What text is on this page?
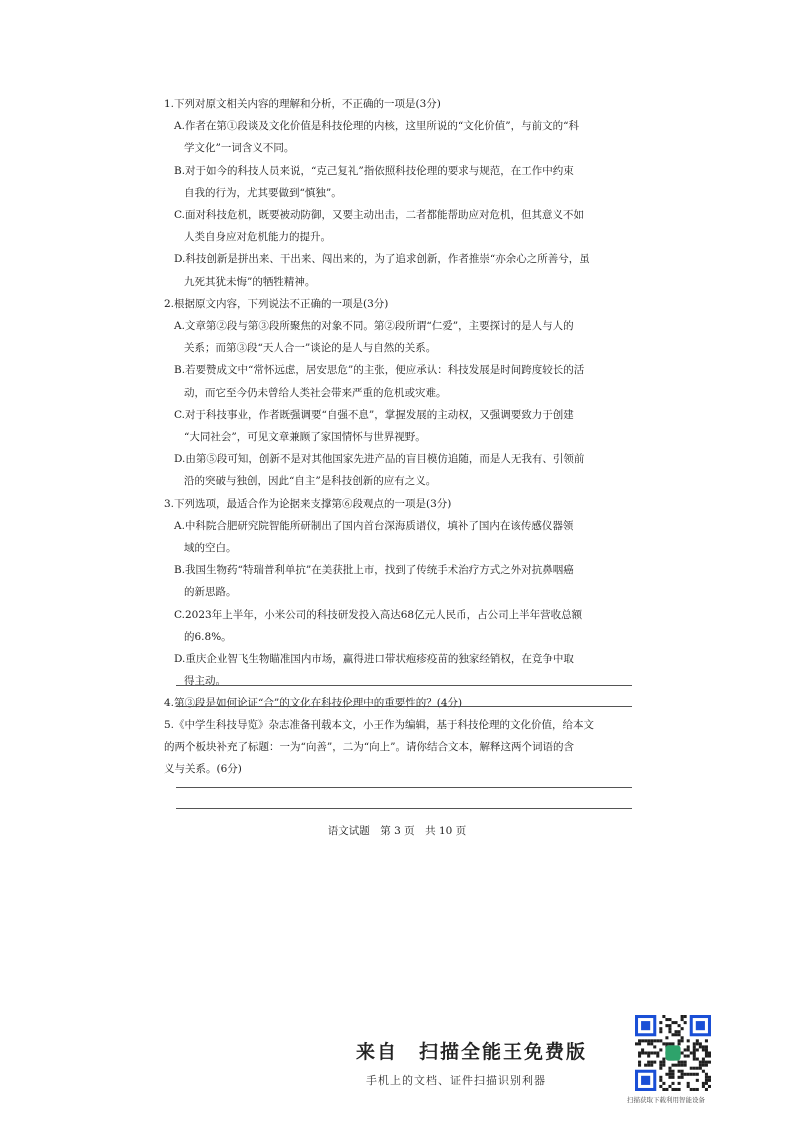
1.下列对原文相关内容的理解和分析，不正确的一项是(3分)
A.作者在第①段谈及文化价值是科技伦理的内核，这里所说的“文化价值”，与前文的“科
学文化”一词含义不同。
B.对于如今的科技人员来说，“克己复礼”指依照科技伦理的要求与规范，在工作中约束
自我的行为，尤其要做到“慎独”。
C.面对科技危机，既要被动防御，又要主动出击，二者都能帮助应对危机，但其意义不如
人类自身应对危机能力的提升。
D.科技创新是拼出来、干出来、闯出来的，为了追求创新，作者推崇“亦余心之所善兮，虽
九死其犹未悔”的牺牲精神。
2.根据原文内容，下列说法不正确的一项是(3分)
A.文章第②段与第③段所聚焦的对象不同。第②段所谓“仁爱”，主要探讨的是人与人的
关系；而第③段“天人合一”谈论的是人与自然的关系。
B.若要赞成文中“常怀远虑，居安思危”的主张，便应承认：科技发展是时间跨度较长的活
动，而它至今仍未曾给人类社会带来严重的危机或灾难。
C.对于科技事业，作者既强调要“自强不息”，掌握发展的主动权，又强调要致力于创建
“大同社会”，可见文章兼顾了家国情怀与世界视野。
D.由第⑤段可知，创新不是对其他国家先进产品的盲目模仿追随，而是人无我有、引领前
沿的突破与独创，因此“自主”是科技创新的应有之义。
3.下列选项，最适合作为论据来支撑第⑥段观点的一项是(3分)
A.中科院合肥研究院智能所研制出了国内首台深海质谱仪，填补了国内在该传感仪器领
域的空白。
B.我国生物药“特瑞普利单抗”在美获批上市，找到了传统手术治疗方式之外对抗鼻咽癌
的新思路。
C.2023年上半年，小米公司的科技研发投入高达68亿元人民币，占公司上半年营收总额
的6.8%。
D.重庆企业智飞生物瞄准国内市场，赢得进口带状疱疹疫苗的独家经销权，在竞争中取
得主动。
4.第③段是如何论证“合”的文化在科技伦理中的重要性的？(4分)
5.《中学生科技导览》杂志准备刊载本文，小王作为编辑，基于科技伦理的文化价值，给本文
的两个板块补充了标题：一为“向善”，二为“向上”。请你结合文本，解释这两个词语的含
义与关系。(6分)
语文试题　第 3 页　共 10 页
来自　扫描全能王免费版
手机上的文档、证件扫描识别利器
扫描获取下载利用智能设备
